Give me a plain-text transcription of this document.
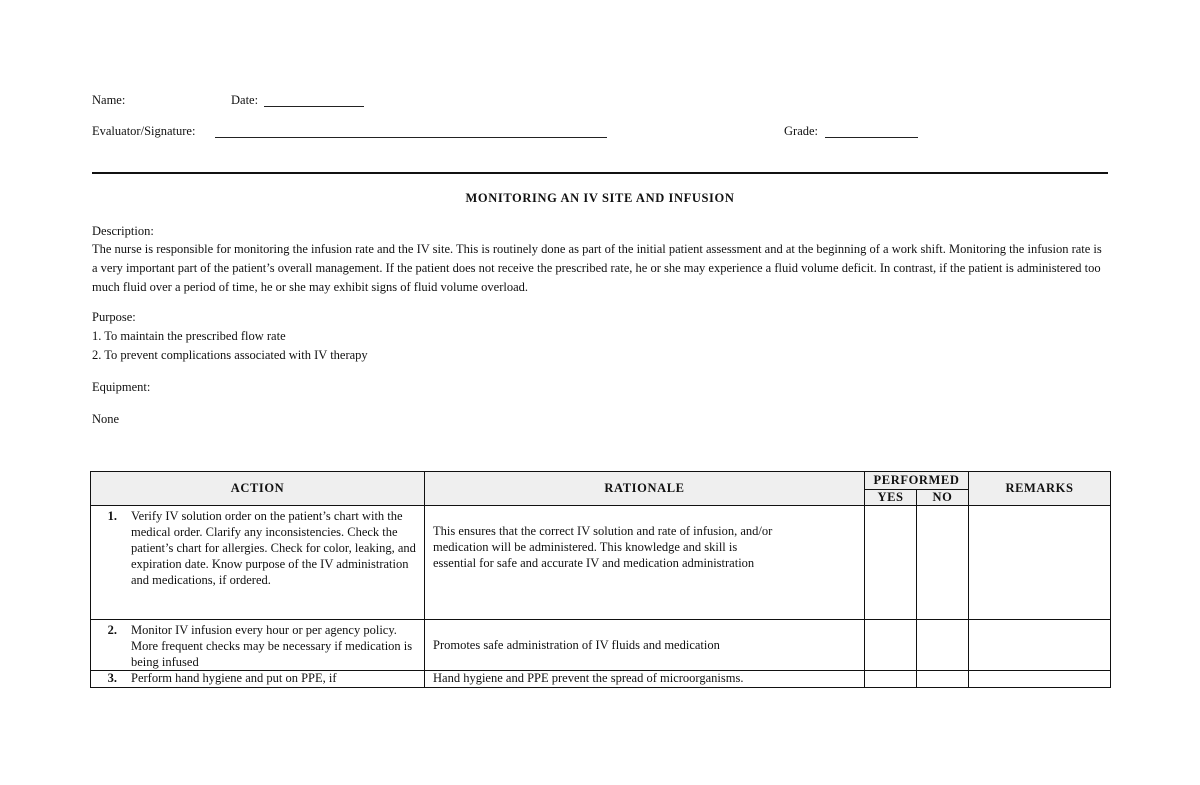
Name:	Date:
Evaluator/Signature:	Grade:
MONITORING AN IV SITE AND INFUSION
Description:
The nurse is responsible for monitoring the infusion rate and the IV site. This is routinely done as part of the initial patient assessment and at the beginning of a work shift. Monitoring the infusion rate is a very important part of the patient’s overall management. If the patient does not receive the prescribed rate, he or she may experience a fluid volume deficit. In contrast, if the patient is administered too much fluid over a period of time, he or she may exhibit signs of fluid volume overload.
Purpose:
1. To maintain the prescribed flow rate
2. To prevent complications associated with IV therapy
Equipment:
None
ACTION	RATIONALE	PERFORMED		REMARKS
		YES	NO	

1. Verify IV solution order on the patient’s chart with the medical order. Clarify any inconsistencies. Check the patient’s chart for allergies. Check for color, leaking, and expiration date. Know purpose of the IV administration and medications, if ordered.	This ensures that the correct IV solution and rate of infusion, and/or medication will be administered. This knowledge and skill is essential for safe and accurate IV and medication administration			

2. Monitor IV infusion every hour or per agency policy. More frequent checks may be necessary if medication is being infused	Promotes safe administration of IV fluids and medication			

3. Perform hand hygiene and put on PPE, if	Hand hygiene and PPE prevent the spread of microorganisms.			
